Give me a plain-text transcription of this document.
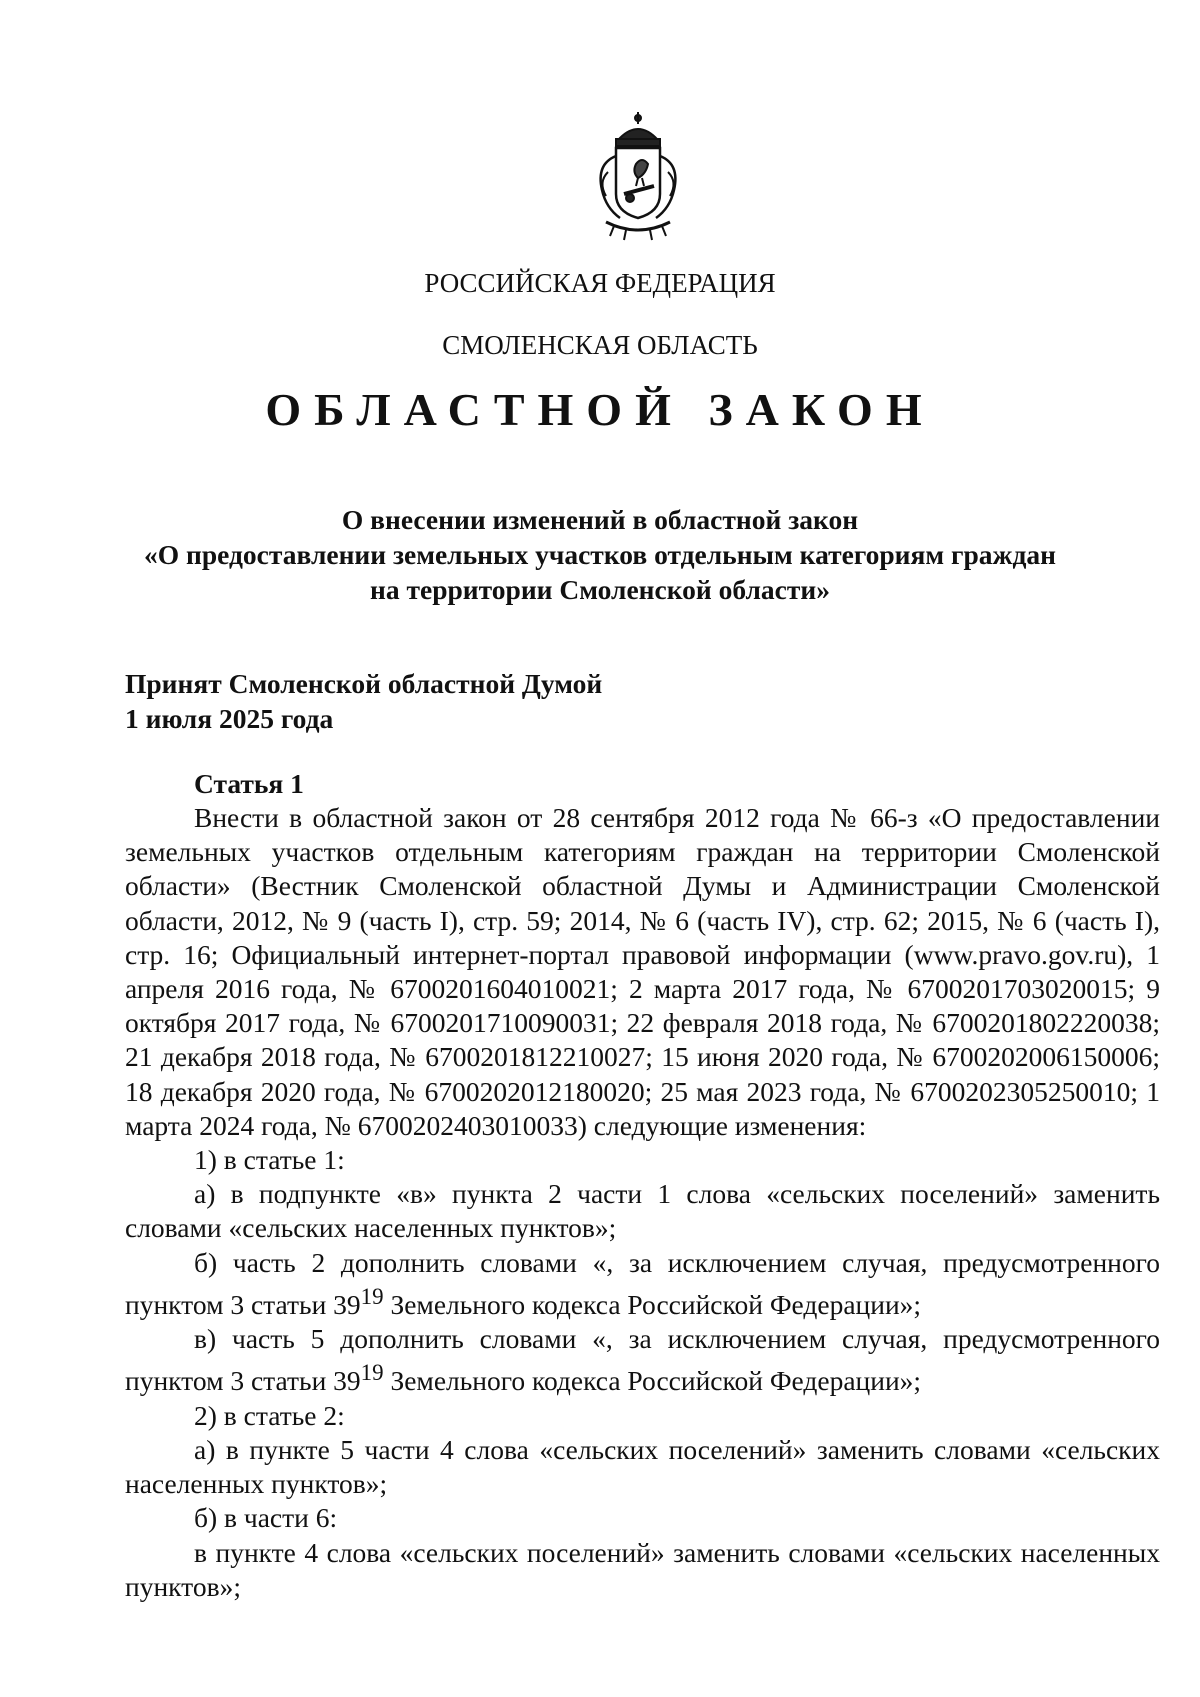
РОССИЙСКАЯ ФЕДЕРАЦИЯ
СМОЛЕНСКАЯ ОБЛАСТЬ
ОБЛАСТНОЙ ЗАКОН
О внесении изменений в областной закон
«О предоставлении земельных участков отдельным категориям граждан
на территории Смоленской области»
Принят Смоленской областной Думой
1 июля 2025 года
Статья 1

Внести в областной закон от 28 сентября 2012 года № 66-з «О предоставлении земельных участков отдельным категориям граждан на территории Смоленской области» (Вестник Смоленской областной Думы и Администрации Смоленской области, 2012, № 9 (часть I), стр. 59; 2014, № 6 (часть IV), стр. 62; 2015, № 6 (часть I), стр. 16; Официальный интернет-портал правовой информации (www.pravo.gov.ru), 1 апреля 2016 года, № 6700201604010021; 2 марта 2017 года, № 6700201703020015; 9 октября 2017 года, № 6700201710090031; 22 февраля 2018 года, № 6700201802220038; 21 декабря 2018 года, № 6700201812210027; 15 июня 2020 года, № 6700202006150006; 18 декабря 2020 года, № 6700202012180020; 25 мая 2023 года, № 6700202305250010; 1 марта 2024 года, № 6700202403010033) следующие изменения:

1) в статье 1:

а) в подпункте «в» пункта 2 части 1 слова «сельских поселений» заменить словами «сельских населенных пунктов»;

б) часть 2 дополнить словами «, за исключением случая, предусмотренного пунктом 3 статьи $39^{19}$ Земельного кодекса Российской Федерации»;

в) часть 5 дополнить словами «, за исключением случая, предусмотренного пунктом 3 статьи $39^{19}$ Земельного кодекса Российской Федерации»;

2) в статье 2:

а) в пункте 5 части 4 слова «сельских поселений» заменить словами «сельских населенных пунктов»;

б) в части 6:

в пункте 4 слова «сельских поселений» заменить словами «сельских населенных пунктов»;
